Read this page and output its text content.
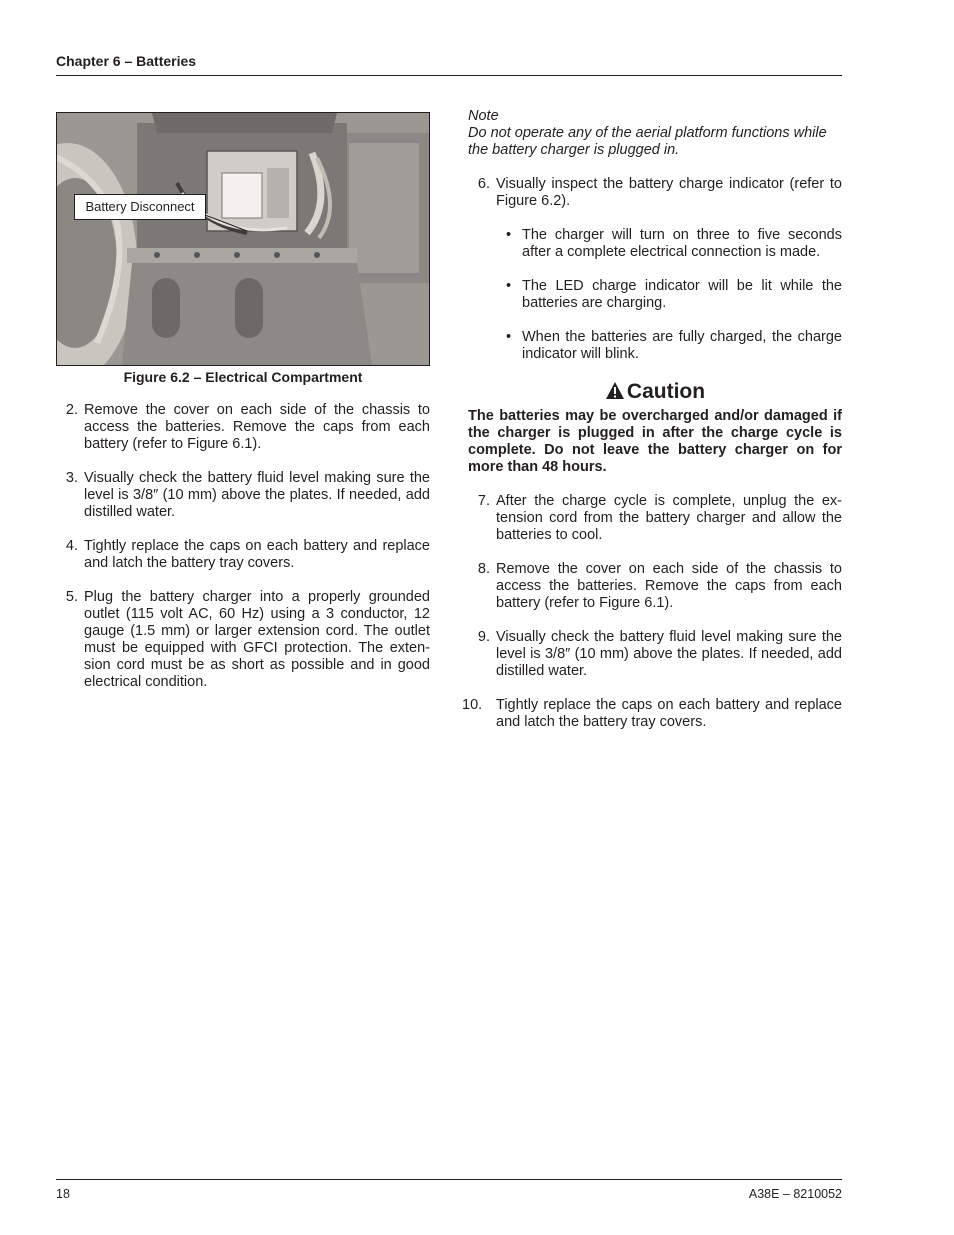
Chapter 6 – Batteries
Battery Disconnect
Figure 6.2 – Electrical Compartment
2. Remove the cover on each side of the chassis to access the batteries. Remove the caps from each battery (refer to Figure 6.1).
3. Visually check the battery fluid level making sure the level is 3/8″ (10 mm) above the plates. If needed, add distilled water.
4. Tightly replace the caps on each battery and replace and latch the battery tray covers.
5. Plug the battery charger into a properly grounded outlet (115 volt AC, 60 Hz) using a 3 conductor, 12 gauge (1.5 mm) or larger extension cord. The outlet must be equipped with GFCI protection. The exten-sion cord must be as short as possible and in good electrical condition.
Note
Do not operate any of the aerial platform functions while the battery charger is plugged in.
6. Visually inspect the battery charge indicator (refer to Figure 6.2).
• The charger will turn on three to five seconds after a complete electrical connection is made.
• The LED charge indicator will be lit while the batteries are charging.
• When the batteries are fully charged, the charge indicator will blink.
Caution
The batteries may be overcharged and/or damaged if the charger is plugged in after the charge cycle is complete. Do not leave the battery charger on for more than 48 hours.
7. After the charge cycle is complete, unplug the ex-tension cord from the battery charger and allow the batteries to cool.
8. Remove the cover on each side of the chassis to access the batteries. Remove the caps from each battery (refer to Figure 6.1).
9. Visually check the battery fluid level making sure the level is 3/8″ (10 mm) above the plates. If needed, add distilled water.
10. Tightly replace the caps on each battery and replace and latch the battery tray covers.
18	A38E – 8210052
